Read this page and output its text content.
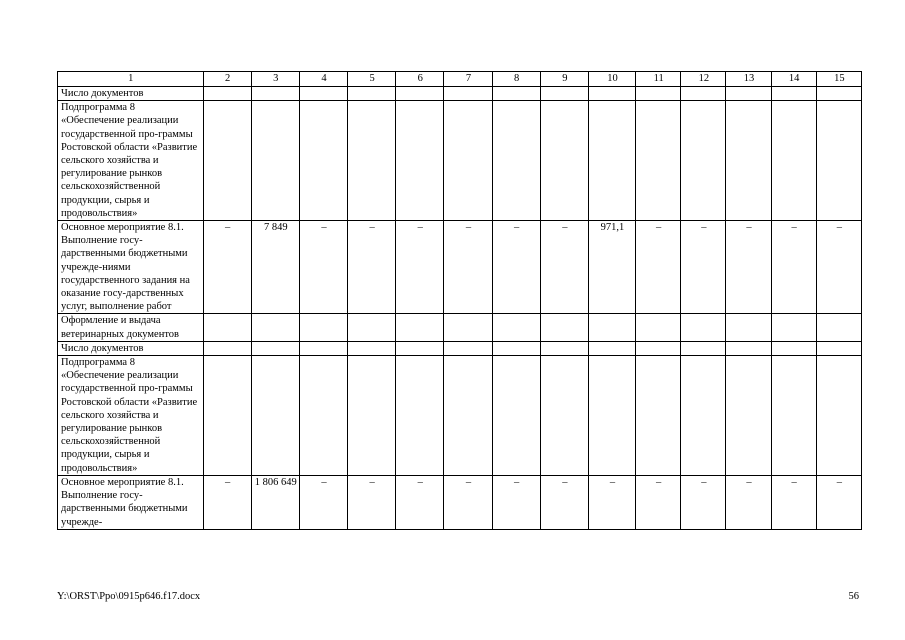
1	2	3	4	5	6	7	8	9	10	11	12	13	14	15
Число документов														
Подпрограмма 8 «Обеспечение реализации государственной про-граммы Ростовской области «Развитие сельского хозяйства и регулирование рынков сельскохозяйственной продукции, сырья и продовольствия»														
Основное мероприятие 8.1. Выполнение госу-дарственными бюджетными учрежде-ниями государственного задания на оказание госу-дарственных услуг, выполнение работ	–	7 849	–	–	–	–	–	–	971,1	–	–	–	–	–
Оформление и выдача ветеринарных документов														
Число документов														
Подпрограмма 8 «Обеспечение реализации государственной про-граммы Ростовской области «Развитие сельского хозяйства и регулирование рынков сельскохозяйственной продукции, сырья и продовольствия»														
Основное мероприятие 8.1. Выполнение госу-дарственными бюджетными учрежде-	–	1 806 649	–	–	–	–	–	–	–	–	–	–	–	–
Y:\ORST\Ppo\0915p646.f17.docx	56
